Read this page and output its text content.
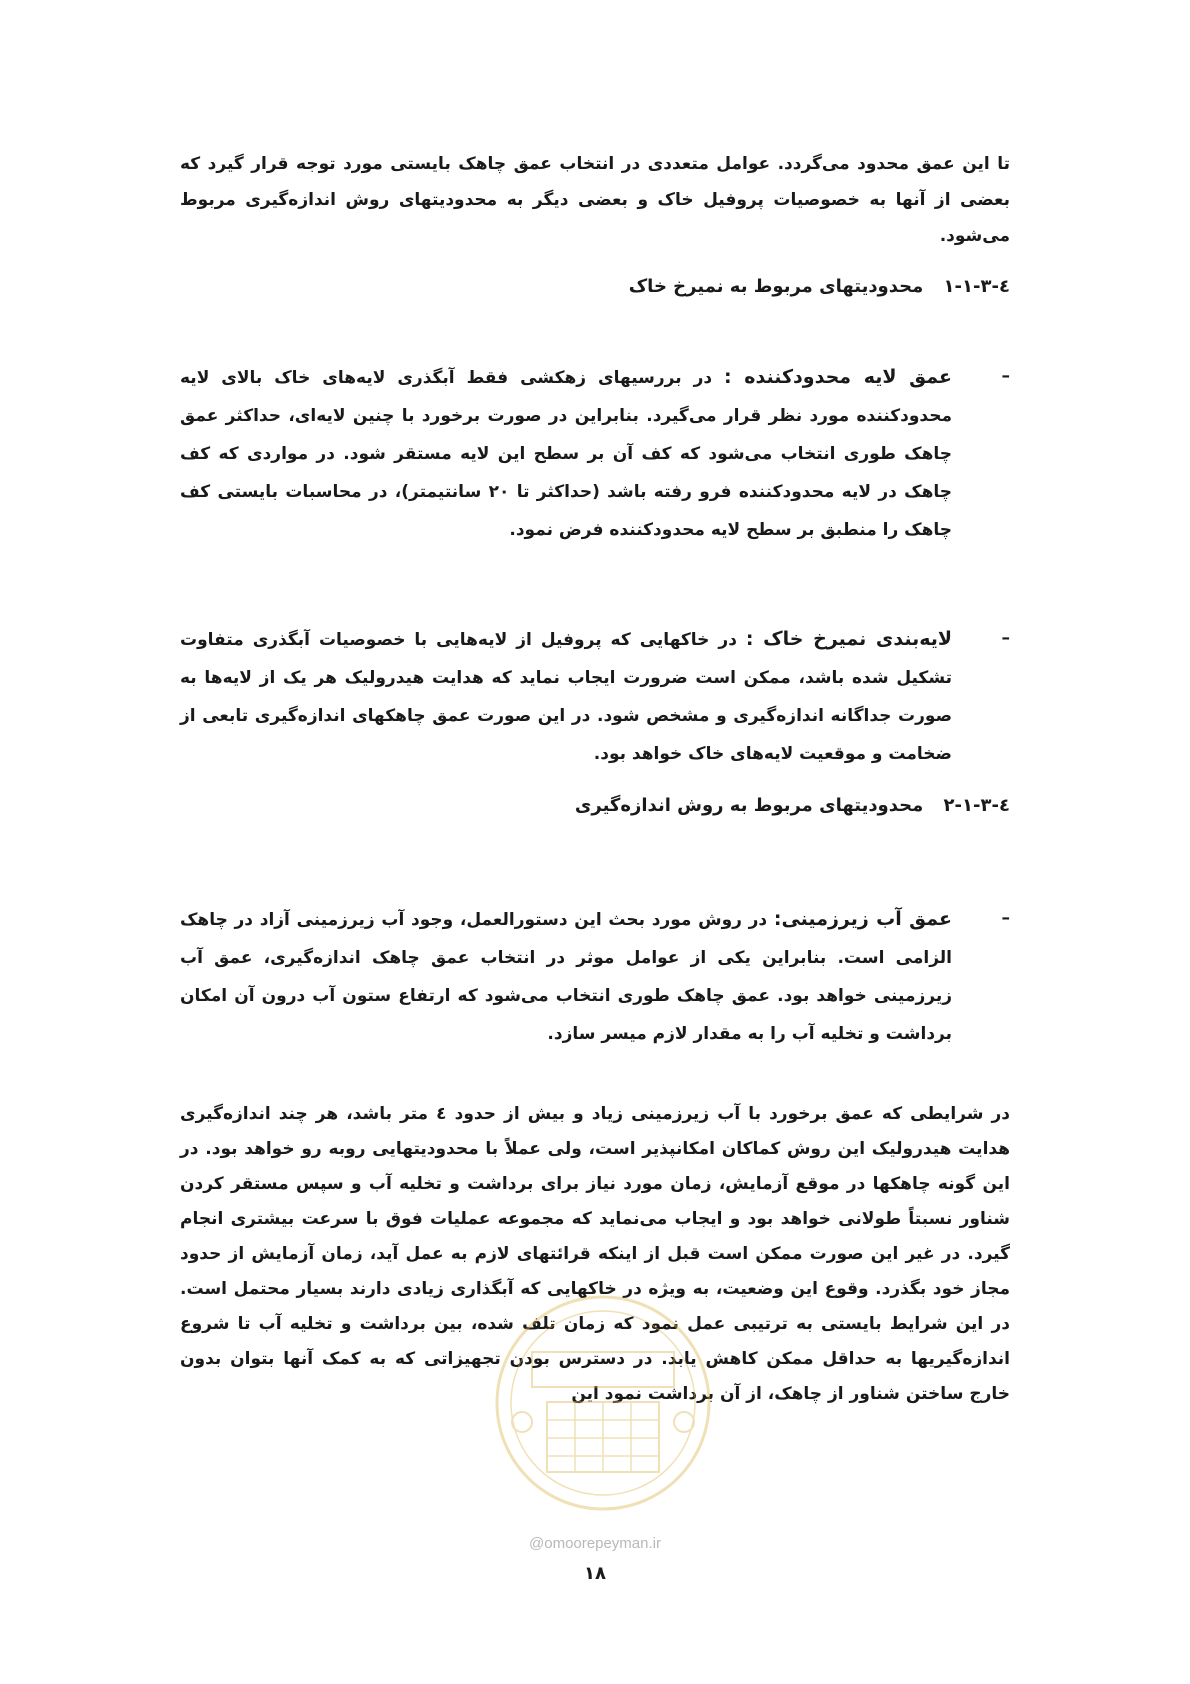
تا این عمق محدود می‌گردد. عوامل متعددی در انتخاب عمق چاهک بایستی مورد توجه قرار گیرد که بعضی از آنها به خصوصیات پروفیل خاک و بعضی دیگر به محدودیتهای روش اندازه‌گیری مربوط می‌شود.

٤-٣-١-١ محدودیتهای مربوط به نمیرخ خاک
–
عمق لایه محدودکننده : در بررسیهای زهکشی فقط آبگذری لایه‌های خاک بالای لایه محدودکننده مورد نظر قرار می‌گیرد. بنابراین در صورت برخورد با چنین لایه‌ای، حداکثر عمق چاهک طوری انتخاب می‌شود که کف آن بر سطح این لایه مستقر شود. در مواردی که کف چاهک در لایه محدودکننده فرو رفته باشد (حداکثر تا ٢٠ سانتیمتر)، در محاسبات بایستی کف چاهک را منطبق بر سطح لایه محدودکننده فرض نمود.
–
لایه‌بندی نمیرخ خاک : در خاکهایی که پروفیل از لایه‌هایی با خصوصیات آبگذری متفاوت تشکیل شده باشد، ممکن است ضرورت ایجاب نماید که هدایت هیدرولیک هر یک از لایه‌ها به صورت جداگانه اندازه‌گیری و مشخص شود. در این صورت عمق چاهکهای اندازه‌گیری تابعی از ضخامت و موقعیت لایه‌های خاک خواهد بود.
٤-٣-١-٢ محدودیتهای مربوط به روش اندازه‌گیری
–
عمق آب زیرزمینی: در روش مورد بحث این دستورالعمل، وجود آب زیرزمینی آزاد در چاهک الزامی است. بنابراین یکی از عوامل موثر در انتخاب عمق چاهک اندازه‌گیری، عمق آب زیرزمینی خواهد بود. عمق چاهک طوری انتخاب می‌شود که ارتفاع ستون آب درون آن امکان برداشت و تخلیه آب را به مقدار لازم میسر سازد.

در شرایطی که عمق برخورد با آب زیرزمینی زیاد و بیش از حدود ٤ متر باشد، هر چند اندازه‌گیری هدایت هیدرولیک این روش کماکان امکانپذیر است، ولی عملاً با محدودیتهایی روبه رو خواهد بود. در این گونه چاهکها در موقع آزمایش، زمان مورد نیاز برای برداشت و تخلیه آب و سپس مستقر کردن شناور نسبتاً طولانی خواهد بود و ایجاب می‌نماید که مجموعه عملیات فوق با سرعت بیشتری انجام گیرد. در غیر این صورت ممکن است قبل از اینکه قرائتهای لازم به عمل آید، زمان آزمایش از حدود مجاز خود بگذرد. وقوع این وضعیت، به ویژه در خاکهایی که آبگذاری زیادی دارند بسیار محتمل است. در این شرایط بایستی به ترتیبی عمل نمود که زمان تلف شده، بین برداشت و تخلیه آب تا شروع اندازه‌گیریها به حداقل ممکن کاهش یابد. در دسترس بودن تجهیزاتی که به کمک آنها بتوان بدون خارج ساختن شناور از چاهک، از آن برداشت نمود این

@omoorepeyman.ir
١٨
